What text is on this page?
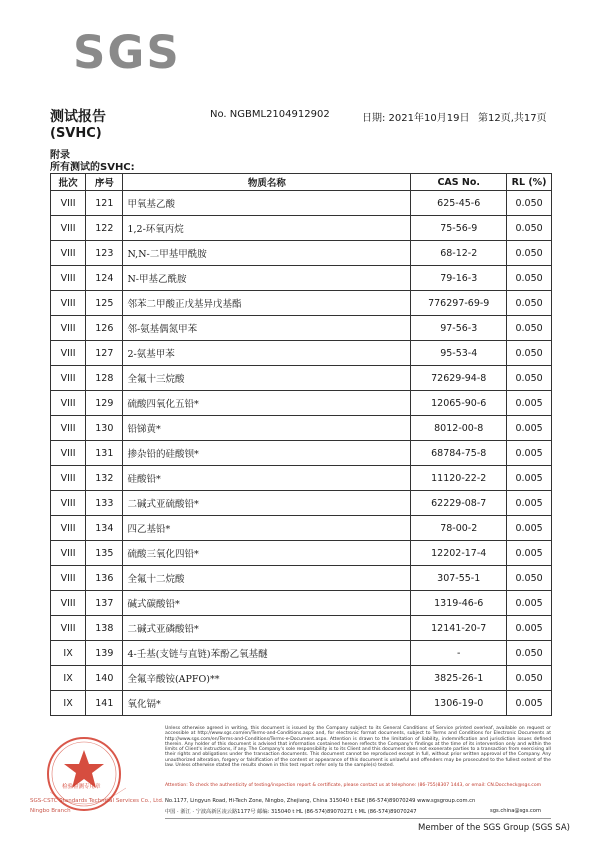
SGS
测试报告
(SVHC)
No. NGBML2104912902	日期: 2021年10月19日 第12页,共17页
附录
所有测试的SVHC:
批次	序号	物质名称	CAS No.	RL (%)
VIII	121	甲氧基乙酸	625-45-6	0.050
VIII	122	1,2-环氧丙烷	75-56-9	0.050
VIII	123	N,N-二甲基甲酰胺	68-12-2	0.050
VIII	124	N-甲基乙酰胺	79-16-3	0.050
VIII	125	邻苯二甲酸正戊基异戊基酯	776297-69-9	0.050
VIII	126	邻-氨基偶氮甲苯	97-56-3	0.050
VIII	127	2-氨基甲苯	95-53-4	0.050
VIII	128	全氟十三烷酸	72629-94-8	0.050
VIII	129	硫酸四氧化五铅*	12065-90-6	0.005
VIII	130	铅锑黄*	8012-00-8	0.005
VIII	131	掺杂铅的硅酸钡*	68784-75-8	0.005
VIII	132	硅酸铅*	11120-22-2	0.005
VIII	133	二碱式亚硫酸铅*	62229-08-7	0.005
VIII	134	四乙基铅*	78-00-2	0.005
VIII	135	硫酸三氧化四铅*	12202-17-4	0.005
VIII	136	全氟十二烷酸	307-55-1	0.050
VIII	137	碱式碳酸铅*	1319-46-6	0.005
VIII	138	二碱式亚磷酸铅*	12141-20-7	0.005
IX	139	4-壬基(支链与直链)苯酚乙氧基醚	-	0.050
IX	140	全氟辛酸铵(APFO)**	3825-26-1	0.050
IX	141	氧化镉*	1306-19-0	0.005
检验检测专用章
SGS-CSTC Standards Technical Services Co., Ltd.
Ningbo Branch
Unless otherwise agreed in writing, this document is issued by the Company subject to its General Conditions of Service printed overleaf, available on request or accessible at http://www.sgs.com/en/Terms-and-Conditions.aspx and, for electronic format documents, subject to Terms and Conditions for Electronic Documents at http://www.sgs.com/en/Terms-and-Conditions/Terms-e-Document.aspx. Attention is drawn to the limitation of liability, indemnification and jurisdiction issues defined therein. Any holder of this document is advised that information contained hereon reflects the Company's findings at the time of its intervention only and within the limits of Client's instructions, if any. The Company's sole responsibility is to its Client and this document does not exonerate parties to a transaction from exercising all their rights and obligations under the transaction documents. This document cannot be reproduced except in full, without prior written approval of the Company. Any unauthorized alteration, forgery or falsification of the content or appearance of this document is unlawful and offenders may be prosecuted to the fullest extent of the law. Unless otherwise stated the results shown in this test report refer only to the sample(s) tested.
Attention: To check the authenticity of testing/inspection report & certificate, please contact us at telephone: (86-755)8307 1443, or email: CN.Doccheck@sgs.com
No.1177, Lingyun Road, Hi-Tech Zone, Ningbo, Zhejiang, China 315040 t E&E (86-574)89070249 www.sgsgroup.com.cn
中国 · 浙江 · 宁波高新区凌云路1177号 邮编: 315040 t HL (86-574)89070271 t ML (86-574)89070247	sgs.china@sgs.com
Member of the SGS Group (SGS SA)
